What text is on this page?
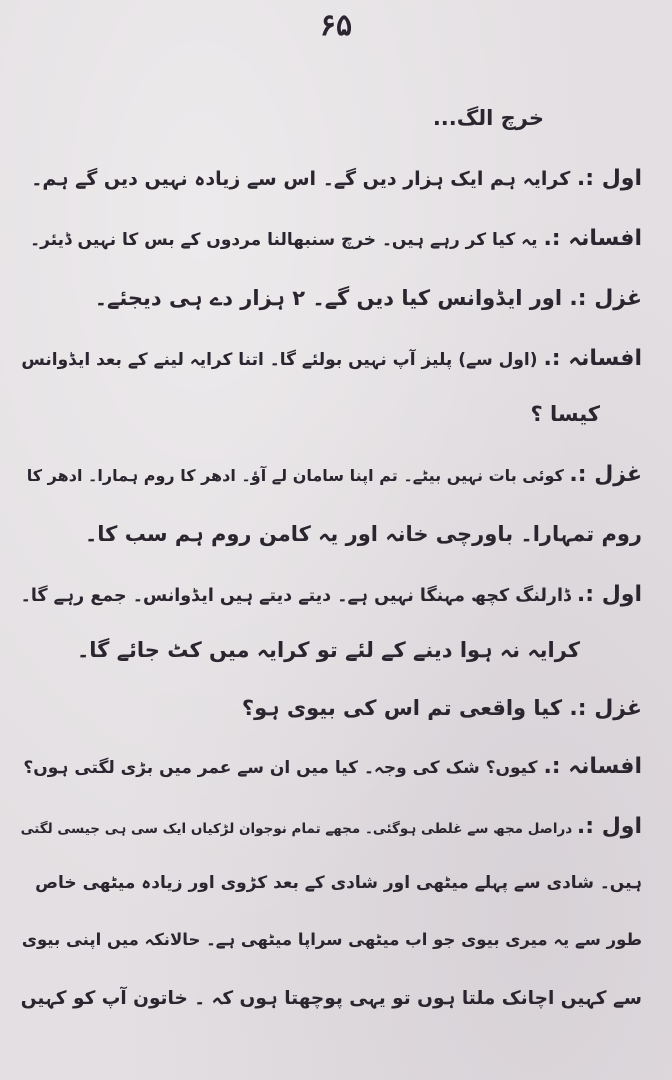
۶۵
خرچ الگ...
اول :. کرایہ ہم ایک ہزار دیں گے۔ اس سے زیادہ نہیں دیں گے ہم۔
افسانہ :. یہ کیا کر رہے ہیں۔ خرچ سنبھالنا مردوں کے بس کا نہیں ڈیئر۔
غزل :. اور ایڈوانس کیا دیں گے۔ ۲ ہزار دے ہی دیجئے۔
افسانہ :. (اول سے) پلیز آپ نہیں بولئے گا۔ اتنا کرایہ لینے کے بعد ایڈوانس
کیسا ؟
غزل :. کوئی بات نہیں بیٹے۔ تم اپنا سامان لے آؤ۔ ادھر کا روم ہمارا۔ ادھر کا
روم تمہارا۔ باورچی خانہ اور یہ کامن روم ہم سب کا۔
اول :. ڈارلنگ کچھ مہنگا نہیں ہے۔ دیتے دیتے ہیں ایڈوانس۔ جمع رہے گا۔
کرایہ نہ ہوا دینے کے لئے تو کرایہ میں کٹ جائے گا۔
غزل :. کیا واقعی تم اس کی بیوی ہو؟
افسانہ :. کیوں؟ شک کی وجہ۔ کیا میں ان سے عمر میں بڑی لگتی ہوں؟
اول :. دراصل مجھ سے غلطی ہوگئی۔ مجھے تمام نوجوان لڑکیاں ایک سی ہی جیسی لگتی
ہیں۔ شادی سے پہلے میٹھی اور شادی کے بعد کڑوی اور زیادہ میٹھی خاص
طور سے یہ میری بیوی جو اب میٹھی سراپا میٹھی ہے۔ حالانکہ میں اپنی بیوی
سے کہیں اچانک ملتا ہوں تو یہی پوچھتا ہوں کہ ۔ خاتون آپ کو کہیں
